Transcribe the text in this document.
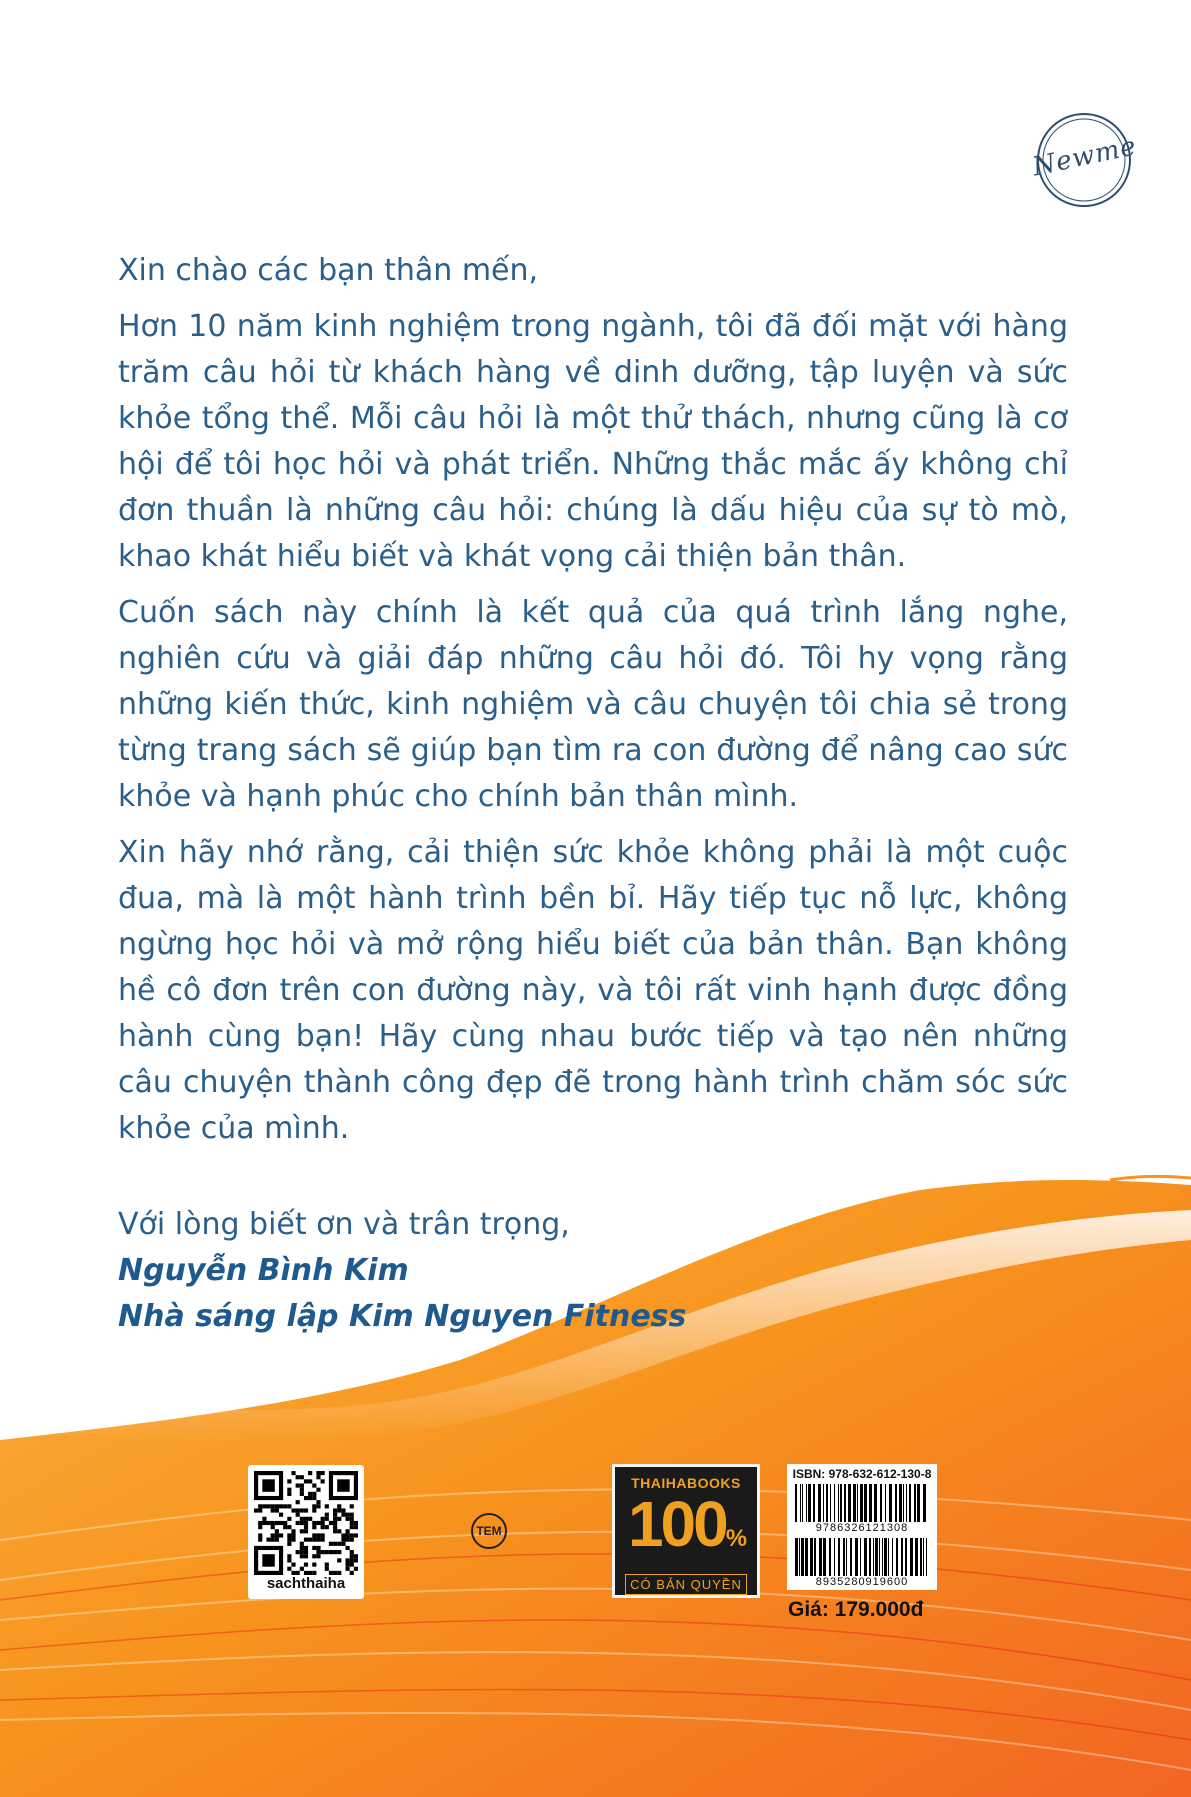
Newme

Xin chào các bạn thân mến,

Hơn 10 năm kinh nghiệm trong ngành, tôi đã đối mặt với hàng trăm câu hỏi từ khách hàng về dinh dưỡng, tập luyện và sức khỏe tổng thể. Mỗi câu hỏi là một thử thách, nhưng cũng là cơ hội để tôi học hỏi và phát triển. Những thắc mắc ấy không chỉ đơn thuần là những câu hỏi: chúng là dấu hiệu của sự tò mò, khao khát hiểu biết và khát vọng cải thiện bản thân.

Cuốn sách này chính là kết quả của quá trình lắng nghe, nghiên cứu và giải đáp những câu hỏi đó. Tôi hy vọng rằng những kiến thức, kinh nghiệm và câu chuyện tôi chia sẻ trong từng trang sách sẽ giúp bạn tìm ra con đường để nâng cao sức khỏe và hạnh phúc cho chính bản thân mình.

Xin hãy nhớ rằng, cải thiện sức khỏe không phải là một cuộc đua, mà là một hành trình bền bỉ. Hãy tiếp tục nỗ lực, không ngừng học hỏi và mở rộng hiểu biết của bản thân. Bạn không hề cô đơn trên con đường này, và tôi rất vinh hạnh được đồng hành cùng bạn! Hãy cùng nhau bước tiếp và tạo nên những câu chuyện thành công đẹp đẽ trong hành trình chăm sóc sức khỏe của mình.

Với lòng biết ơn và trân trọng,
Nguyễn Bình Kim
Nhà sáng lập Kim Nguyen Fitness
sachthaiha
TEM
THAIHABOOKS
100%
CÓ BẢN QUYỀN
ISBN: 978-632-612-130-8
9786326121308
8935280919600
Giá: 179.000đ
